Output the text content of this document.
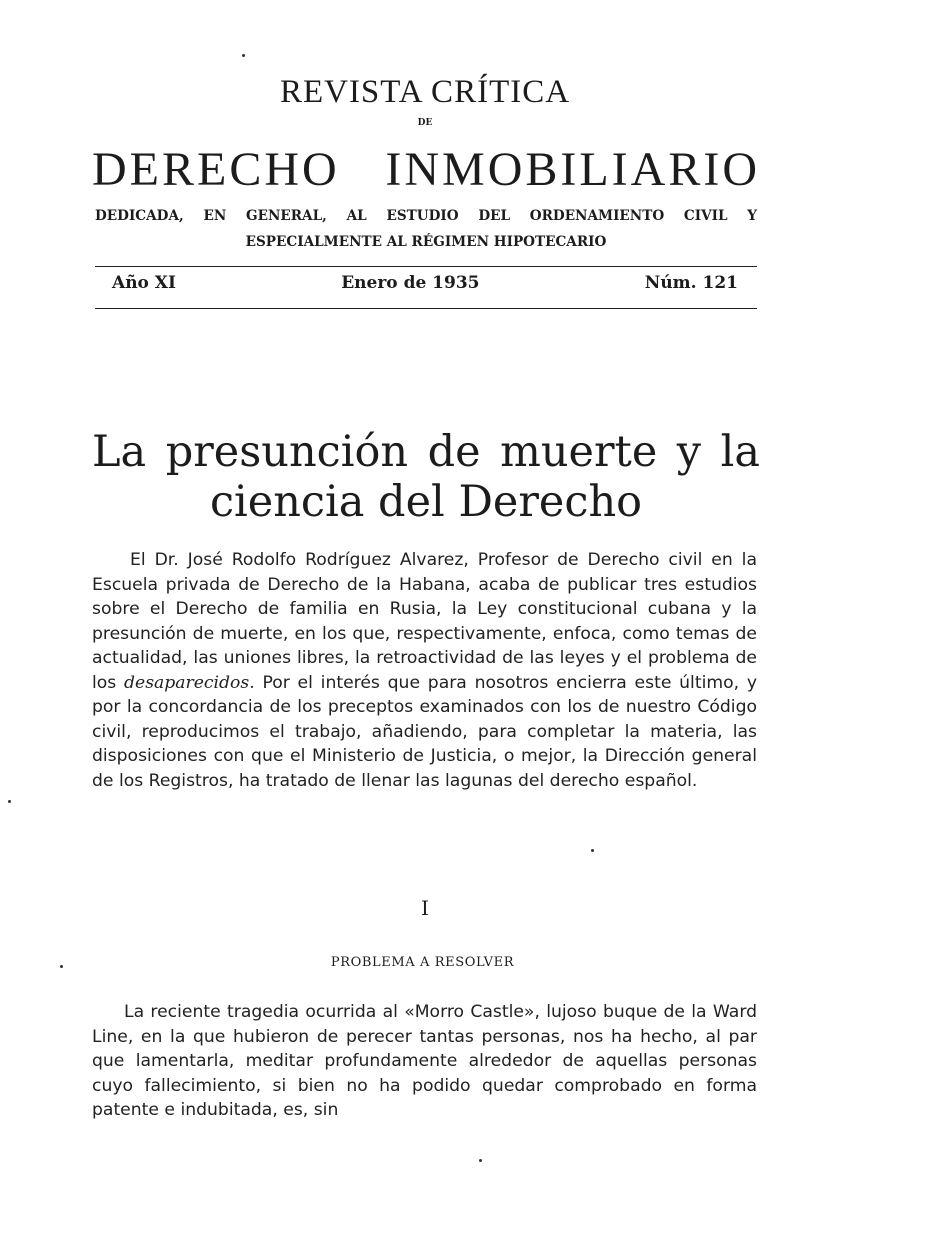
REVISTA CRÍTICA
DE
DERECHO INMOBILIARIO
DEDICADA, EN GENERAL, AL ESTUDIO DEL ORDENAMIENTO CIVIL Y ESPECIALMENTE AL RÉGIMEN HIPOTECARIO
Año XI	Enero de 1935	Núm. 121
La presunción de muerte y la
ciencia del Derecho

El Dr. José Rodolfo Rodríguez Alvarez, Profesor de Derecho civil en la Escuela privada de Derecho de la Habana, acaba de publicar tres estudios sobre el Derecho de familia en Rusia, la Ley constitucional cubana y la presunción de muerte, en los que, respectivamente, enfoca, como temas de actualidad, las uniones libres, la retroactividad de las leyes y el problema de los desaparecidos. Por el interés que para nosotros encierra este último, y por la concordancia de los preceptos examinados con los de nuestro Código civil, reproducimos el trabajo, añadiendo, para completar la materia, las disposiciones con que el Ministerio de Justicia, o mejor, la Dirección general de los Registros, ha tratado de llenar las lagunas del derecho español.

I
PROBLEMA A RESOLVER

La reciente tragedia ocurrida al «Morro Castle», lujoso buque de la Ward Line, en la que hubieron de perecer tantas personas, nos ha hecho, al par que lamentarla, meditar profundamente alrededor de aquellas personas cuyo fallecimiento, si bien no ha podido quedar comprobado en forma patente e indubitada, es, sin
